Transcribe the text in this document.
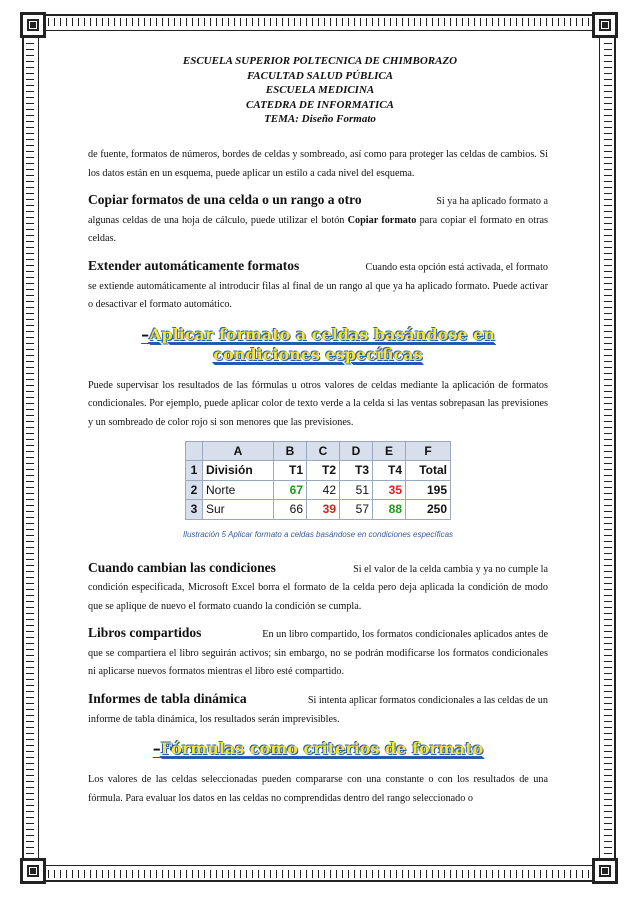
ESCUELA SUPERIOR POLTECNICA DE CHIMBORAZO
FACULTAD SALUD PÚBLICA
ESCUELA MEDICINA
CATEDRA DE INFORMATICA
TEMA: Diseño Formato

de fuente, formatos de números, bordes de celdas y sombreado, así como para proteger las celdas de cambios. Si los datos están en un esquema, puede aplicar un estilo a cada nivel del esquema.

Copiar formatos de una celda o un rango a otro	Si ya ha aplicado formato a

algunas celdas de una hoja de cálculo, puede utilizar el botón Copiar formato para copiar el formato en otras celdas.

Extender automáticamente formatos	Cuando esta opción está activada, el formato

se extiende automáticamente al introducir filas al final de un rango al que ya ha aplicado formato. Puede activar o desactivar el formato automático.

–Aplicar formato a celdas basándose en condiciones específicas

Puede supervisar los resultados de las fórmulas u otros valores de celdas mediante la aplicación de formatos condicionales. Por ejemplo, puede aplicar color de texto verde a la celda si las ventas sobrepasan las previsiones y un sombreado de color rojo si son menores que las previsiones.

	A	B	C	D	E	F
1	División	T1	T2	T3	T4	Total
2	Norte	67	42	51	35	195
3	Sur	66	39	57	88	250
Ilustración 5 Aplicar formato a celdas basándose en condiciones específicas
Cuando cambian las condiciones	Si el valor de la celda cambia y ya no cumple la

condición especificada, Microsoft Excel borra el formato de la celda pero deja aplicada la condición de modo que se aplique de nuevo el formato cuando la condición se cumpla.

Libros compartidos	En un libro compartido, los formatos condicionales aplicados antes de

que se compartiera el libro seguirán activos; sin embargo, no se podrán modificarse los formatos condicionales ni aplicarse nuevos formatos mientras el libro esté compartido.

Informes de tabla dinámica	Si intenta aplicar formatos condicionales a las celdas de un

informe de tabla dinámica, los resultados serán imprevisibles.

–Fórmulas como criterios de formato

Los valores de las celdas seleccionadas pueden compararse con una constante o con los resultados de una fórmula. Para evaluar los datos en las celdas no comprendidas dentro del rango seleccionado o
